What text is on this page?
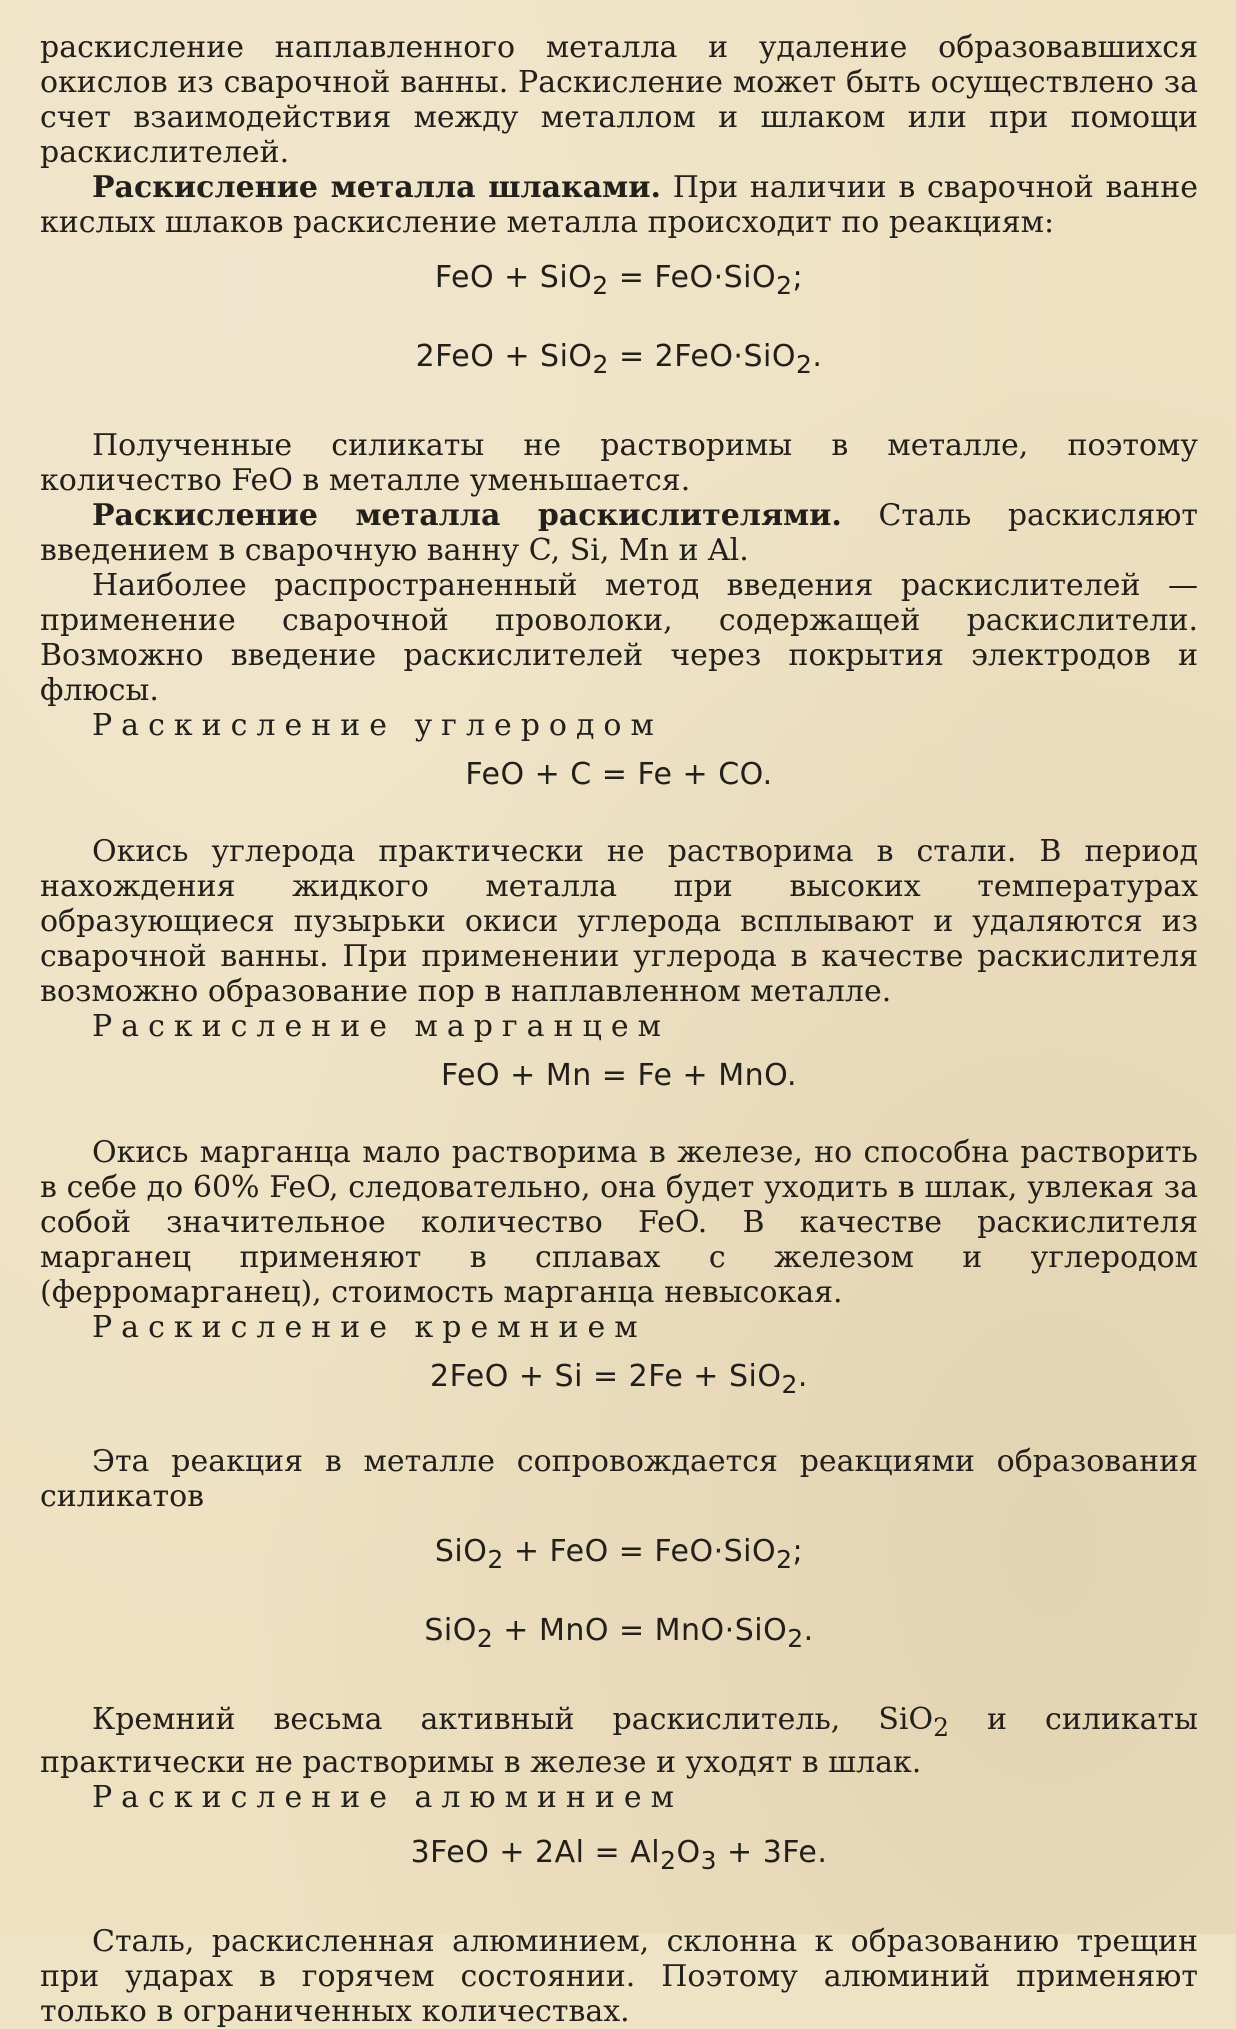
раскисление наплавленного металла и удаление образовавшихся окислов из сварочной ванны. Раскисление может быть осуществлено за счет взаимодействия между металлом и шлаком или при помощи раскислителей.

Раскисление металла шлаками. При наличии в сварочной ванне кислых шлаков раскисление металла происходит по реакциям:

FeO + SiO$_2$ = FeO·SiO$_2$;

2FeO + SiO$_2$ = 2FeO·SiO$_2$.

Полученные силикаты не растворимы в металле, поэтому количество FeO в металле уменьшается.

Раскисление металла раскислителями. Сталь раскисляют введением в сварочную ванну C, Si, Mn и Al.

Наиболее распространенный метод введения раскислителей — применение сварочной проволоки, содержащей раскислители. Возможно введение раскислителей через покрытия электродов и флюсы.

Раскисление углеродом

FeO + C = Fe + CO.

Окись углерода практически не растворима в стали. В период нахождения жидкого металла при высоких температурах образующиеся пузырьки окиси углерода всплывают и удаляются из сварочной ванны. При применении углерода в качестве раскислителя возможно образование пор в наплавленном металле.

Раскисление марганцем

FeO + Mn = Fe + MnO.

Окись марганца мало растворима в железе, но способна растворить в себе до 60% FeO, следовательно, она будет уходить в шлак, увлекая за собой значительное количество FeO. В качестве раскислителя марганец применяют в сплавах с железом и углеродом (ферромарганец), стоимость марганца невысокая.

Раскисление кремнием

2FeO + Si = 2Fe + SiO$_2$.

Эта реакция в металле сопровождается реакциями образования силикатов

SiO$_2$ + FeO = FeO·SiO$_2$;

SiO$_2$ + MnO = MnO·SiO$_2$.

Кремний весьма активный раскислитель, SiO$_2$ и силикаты практически не растворимы в железе и уходят в шлак.

Раскисление алюминием

$3FeO + 2Al = Al_2O_3 + 3Fe$.

Сталь, раскисленная алюминием, склонна к образованию трещин при ударах в горячем состоянии. Поэтому алюминий применяют только в ограниченных количествах.
